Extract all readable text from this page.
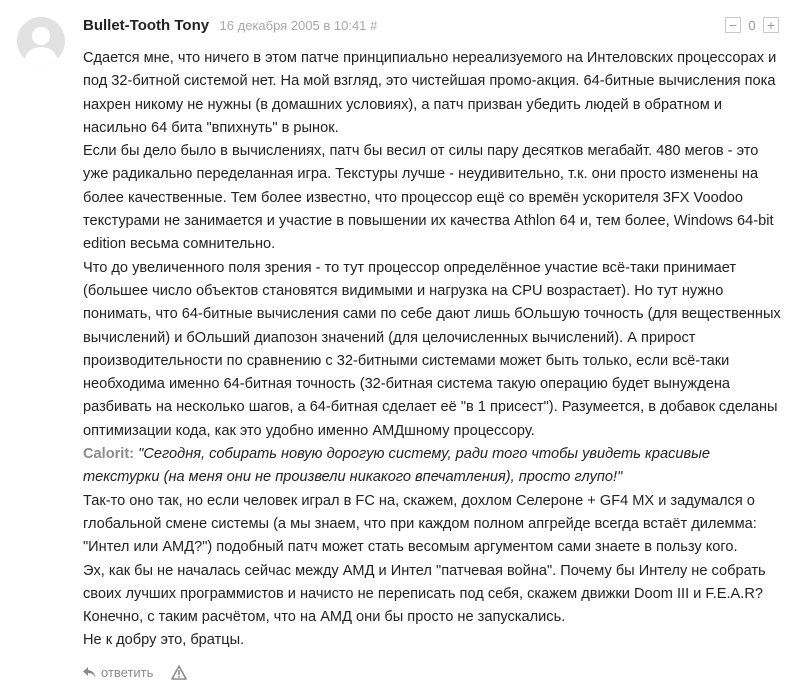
Bullet-Tooth Tony 16 декабря 2005 в 10:41 #	− 0 +

Сдается мне, что ничего в этом патче принципиально нереализуемого на Интеловских процессорах и под 32-битной системой нет. На мой взгляд, это чистейшая промо-акция. 64-битные вычисления пока нахрен никому не нужны (в домашних условиях), а патч призван убедить людей в обратном и насильно 64 бита "впихнуть" в рынок.

Если бы дело было в вычислениях, патч бы весил от силы пару десятков мегабайт. 480 мегов - это уже радикально переделанная игра. Текстуры лучше - неудивительно, т.к. они просто изменены на более качественные. Тем более известно, что процессор ещё со времён ускорителя 3FX Voodoo текстурами не занимается и участие в повышении их качества Athlon 64 и, тем более, Windows 64-bit edition весьма сомнительно.

Что до увеличенного поля зрения - то тут процессор определённое участие всё-таки принимает (большее число объектов становятся видимыми и нагрузка на CPU возрастает). Но тут нужно понимать, что 64-битные вычисления сами по себе дают лишь бОльшую точность (для вещественных вычислений) и бОльший диапозон значений (для целочисленных вычислений). А прирост производительности по сравнению с 32-битными системами может быть только, если всё-таки необходима именно 64-битная точность (32-битная система такую операцию будет вынуждена разбивать на несколько шагов, а 64-битная сделает её "в 1 присест"). Разумеется, в добавок сделаны оптимизации кода, как это удобно именно АМДшному процессору.

Calorit: "Сегодня, собирать новую дорогую систему, ради того чтобы увидеть красивые текстурки (на меня они не произвели никакого впечатления), просто глупо!"

Так-то оно так, но если человек играл в FC на, скажем, дохлом Селероне + GF4 MX и задумался о глобальной смене системы (а мы знаем, что при каждом полном апгрейде всегда встаёт дилемма: "Интел или АМД?") подобный патч может стать весомым аргументом сами знаете в пользу кого.

Эх, как бы не началась сейчас между АМД и Интел "патчевая война". Почему бы Интелу не собрать своих лучших программистов и начисто не переписать под себя, скажем движки Doom III и F.E.A.R?

Конечно, с таким расчётом, что на АМД они бы просто не запускались.

Не к добру это, братцы.

ответить
